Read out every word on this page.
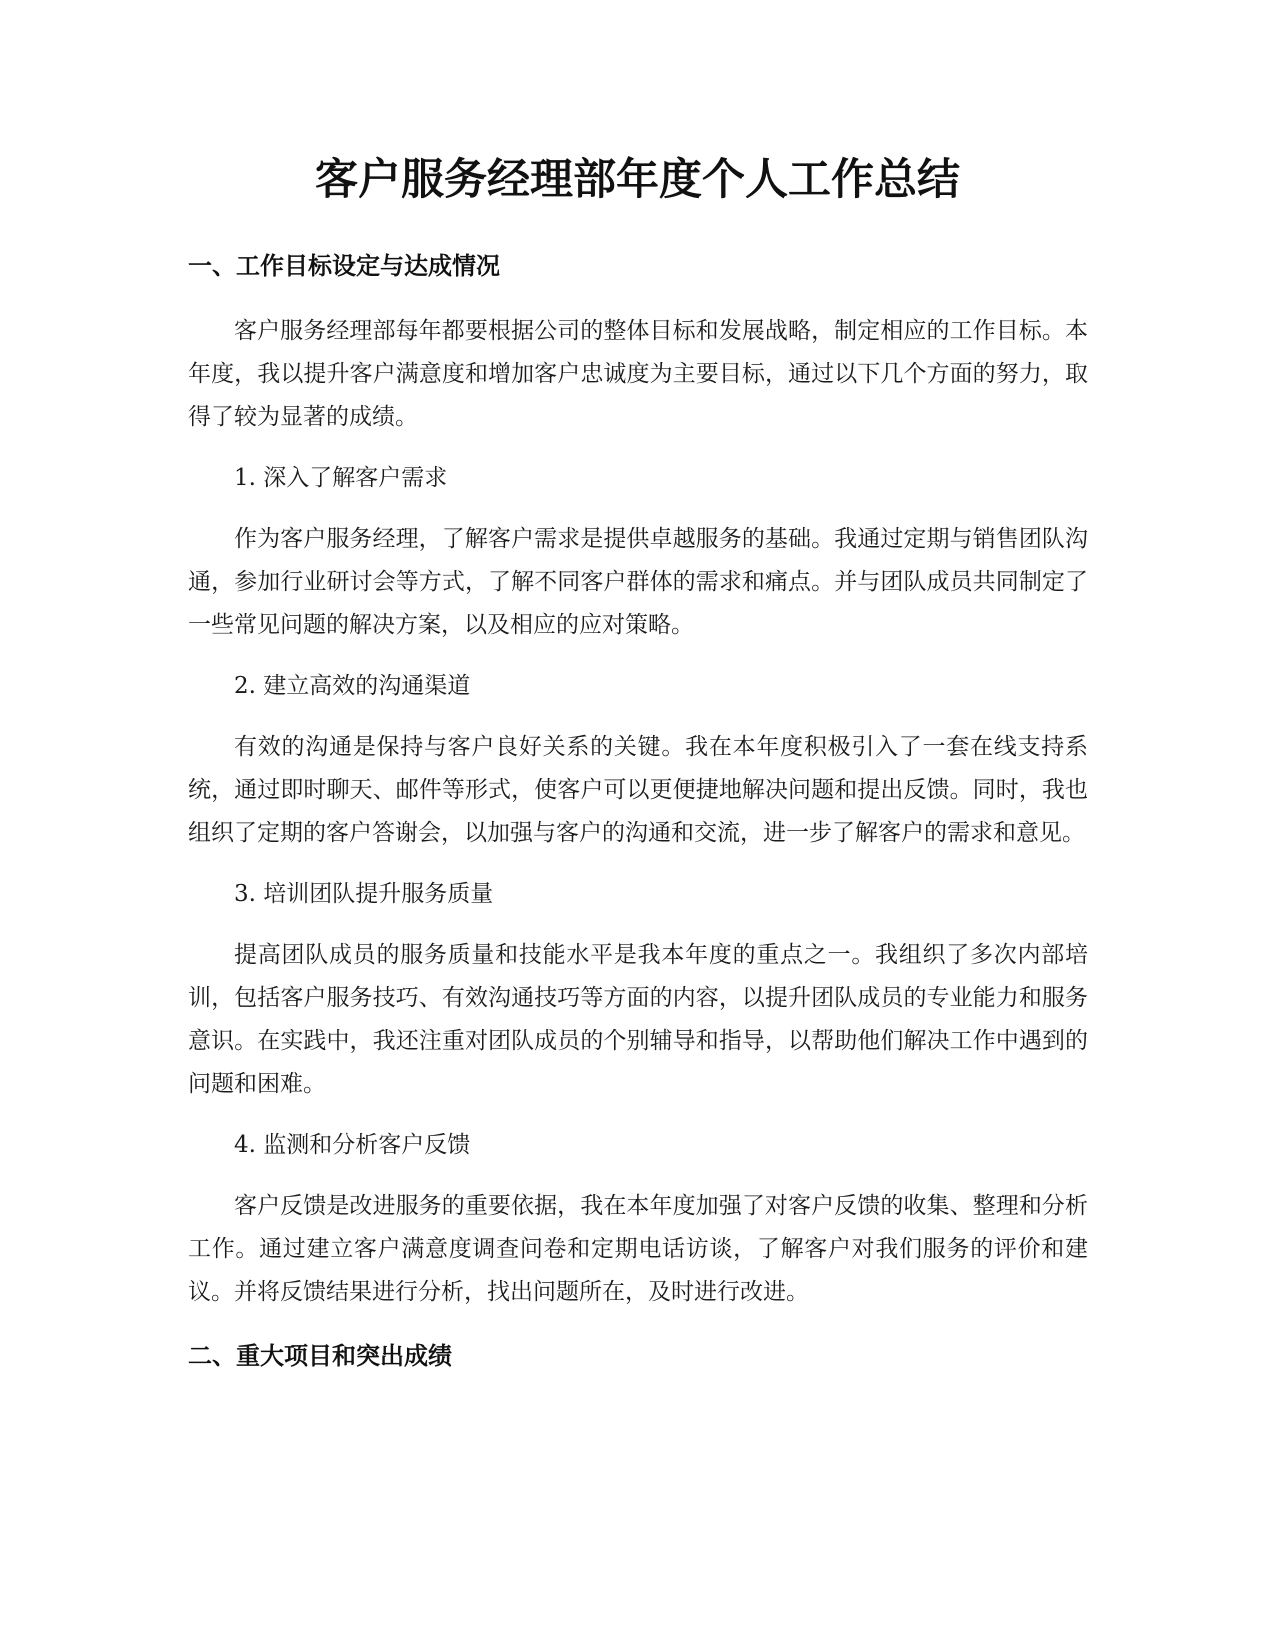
客户服务经理部年度个人工作总结
一、工作目标设定与达成情况

客户服务经理部每年都要根据公司的整体目标和发展战略，制定相应的工作目标。本年度，我以提升客户满意度和增加客户忠诚度为主要目标，通过以下几个方面的努力，取得了较为显著的成绩。

1. 深入了解客户需求

作为客户服务经理，了解客户需求是提供卓越服务的基础。我通过定期与销售团队沟通，参加行业研讨会等方式，了解不同客户群体的需求和痛点。并与团队成员共同制定了一些常见问题的解决方案，以及相应的应对策略。

2. 建立高效的沟通渠道

有效的沟通是保持与客户良好关系的关键。我在本年度积极引入了一套在线支持系统，通过即时聊天、邮件等形式，使客户可以更便捷地解决问题和提出反馈。同时，我也组织了定期的客户答谢会，以加强与客户的沟通和交流，进一步了解客户的需求和意见。

3. 培训团队提升服务质量

提高团队成员的服务质量和技能水平是我本年度的重点之一。我组织了多次内部培训，包括客户服务技巧、有效沟通技巧等方面的内容，以提升团队成员的专业能力和服务意识。在实践中，我还注重对团队成员的个别辅导和指导，以帮助他们解决工作中遇到的问题和困难。

4. 监测和分析客户反馈

客户反馈是改进服务的重要依据，我在本年度加强了对客户反馈的收集、整理和分析工作。通过建立客户满意度调查问卷和定期电话访谈，了解客户对我们服务的评价和建议。并将反馈结果进行分析，找出问题所在，及时进行改进。

二、重大项目和突出成绩
